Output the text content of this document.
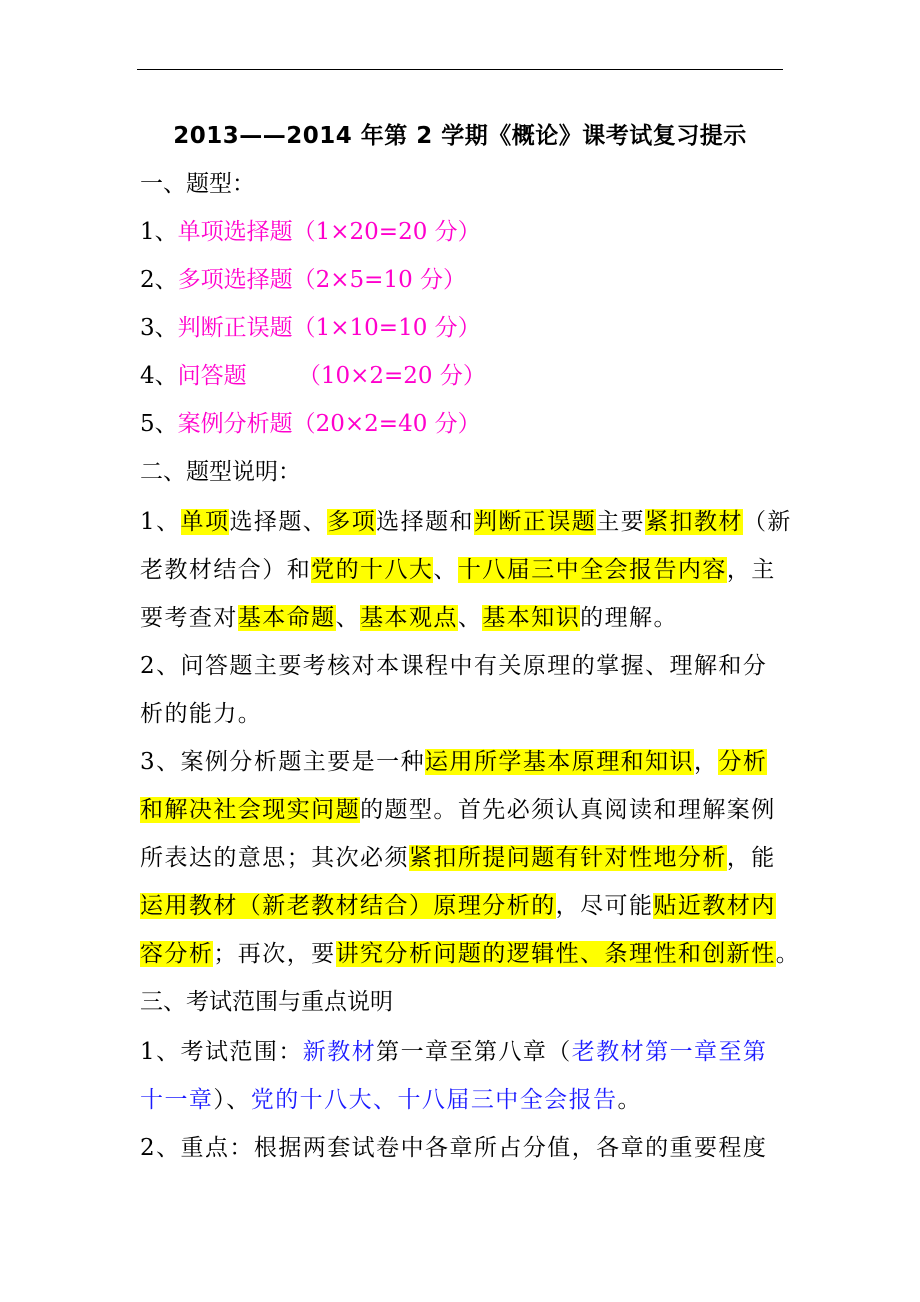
2013——2014 年第 2 学期《概论》课考试复习提示
一、题型：
1、单项选择题（1×20=20 分）
2、多项选择题（2×5=10 分）
3、判断正误题（1×10=10 分）
4、问答题       （10×2=20 分）
5、案例分析题（20×2=40 分）
二、题型说明：
1、单项选择题、多项选择题和判断正误题主要紧扣教材（新
老教材结合）和党的十八大、十八届三中全会报告内容，主
要考查对基本命题、基本观点、基本知识的理解。
2、问答题主要考核对本课程中有关原理的掌握、理解和分
析的能力。
3、案例分析题主要是一种运用所学基本原理和知识，分析
和解决社会现实问题的题型。首先必须认真阅读和理解案例
所表达的意思；其次必须紧扣所提问题有针对性地分析，能
运用教材（新老教材结合）原理分析的，尽可能贴近教材内
容分析；再次，要讲究分析问题的逻辑性、条理性和创新性。
三、考试范围与重点说明
1、考试范围：新教材第一章至第八章（老教材第一章至第
十一章）、党的十八大、十八届三中全会报告。
2、重点：根据两套试卷中各章所占分值，各章的重要程度
